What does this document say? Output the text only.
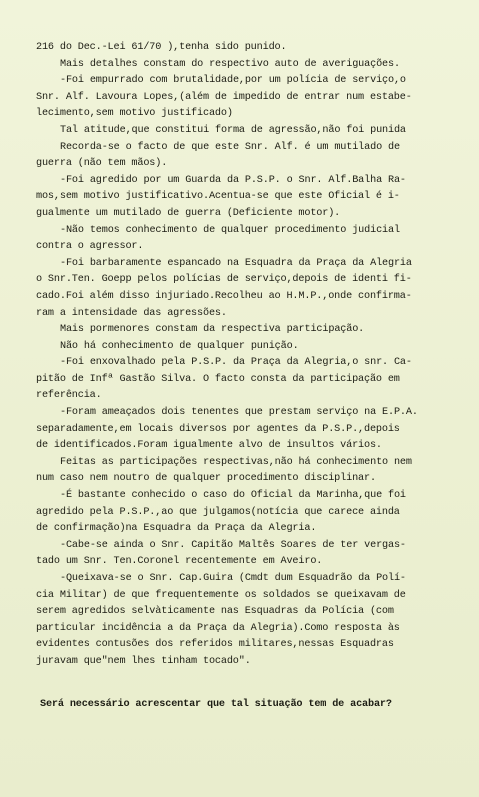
216 do Dec.-Lei 61/70 ),tenha sido punido.
Mais detalhes constam do respectivo auto de averiguações.
-Foi empurrado com brutalidade,por um polícia de serviço,o
Snr. Alf. Lavoura Lopes,(além de impedido de entrar num estabe-
lecimento,sem motivo justificado)
Tal atitude,que constitui forma de agressão,não foi punida
Recorda-se o facto de que este Snr. Alf. é um mutilado de
guerra (não tem mãos).
-Foi agredido por um Guarda da P.S.P. o Snr. Alf.Balha Ra-
mos,sem motivo justificativo.Acentua-se que este Oficial é i-
gualmente um mutilado de guerra (Deficiente motor).
-Não temos conhecimento de qualquer procedimento judicial
contra o agressor.
-Foi barbaramente espancado na Esquadra da Praça da Alegria
o Snr.Ten. Goepp pelos polícias de serviço,depois de identi fi-
cado.Foi além disso injuriado.Recolheu ao H.M.P.,onde confirma-
ram a intensidade das agressões.
Mais pormenores constam da respectiva participação.
Não há conhecimento de qualquer punição.
-Foi enxovalhado pela P.S.P. da Praça da Alegria,o snr. Ca-
pitão de Infª Gastão Silva. O facto consta da participação em
referência.
-Foram ameaçados dois tenentes que prestam serviço na E.P.A.
separadamente,em locais diversos por agentes da P.S.P.,depois
de identificados.Foram igualmente alvo de insultos vários.
Feitas as participações respectivas,não há conhecimento nem
num caso nem noutro de qualquer procedimento disciplinar.
-É bastante conhecido o caso do Oficial da Marinha,que foi
agredido pela P.S.P.,ao que julgamos(notícia que carece ainda
de confirmação)na Esquadra da Praça da Alegria.
-Cabe-se ainda o Snr. Capitão Maltês Soares de ter vergas-
tado um Snr. Ten.Coronel recentemente em Aveiro.
-Queixava-se o Snr. Cap.Guira (Cmdt dum Esquadrão da Polí-
cia Militar) de que frequentemente os soldados se queixavam de
serem agredidos selvàticamente nas Esquadras da Polícia (com
particular incidência a da Praça da Alegria).Como resposta às
evidentes contusões dos referidos militares,nessas Esquadras
juravam que"nem lhes tinham tocado".
Será necessário acrescentar que tal situação tem de acabar?
